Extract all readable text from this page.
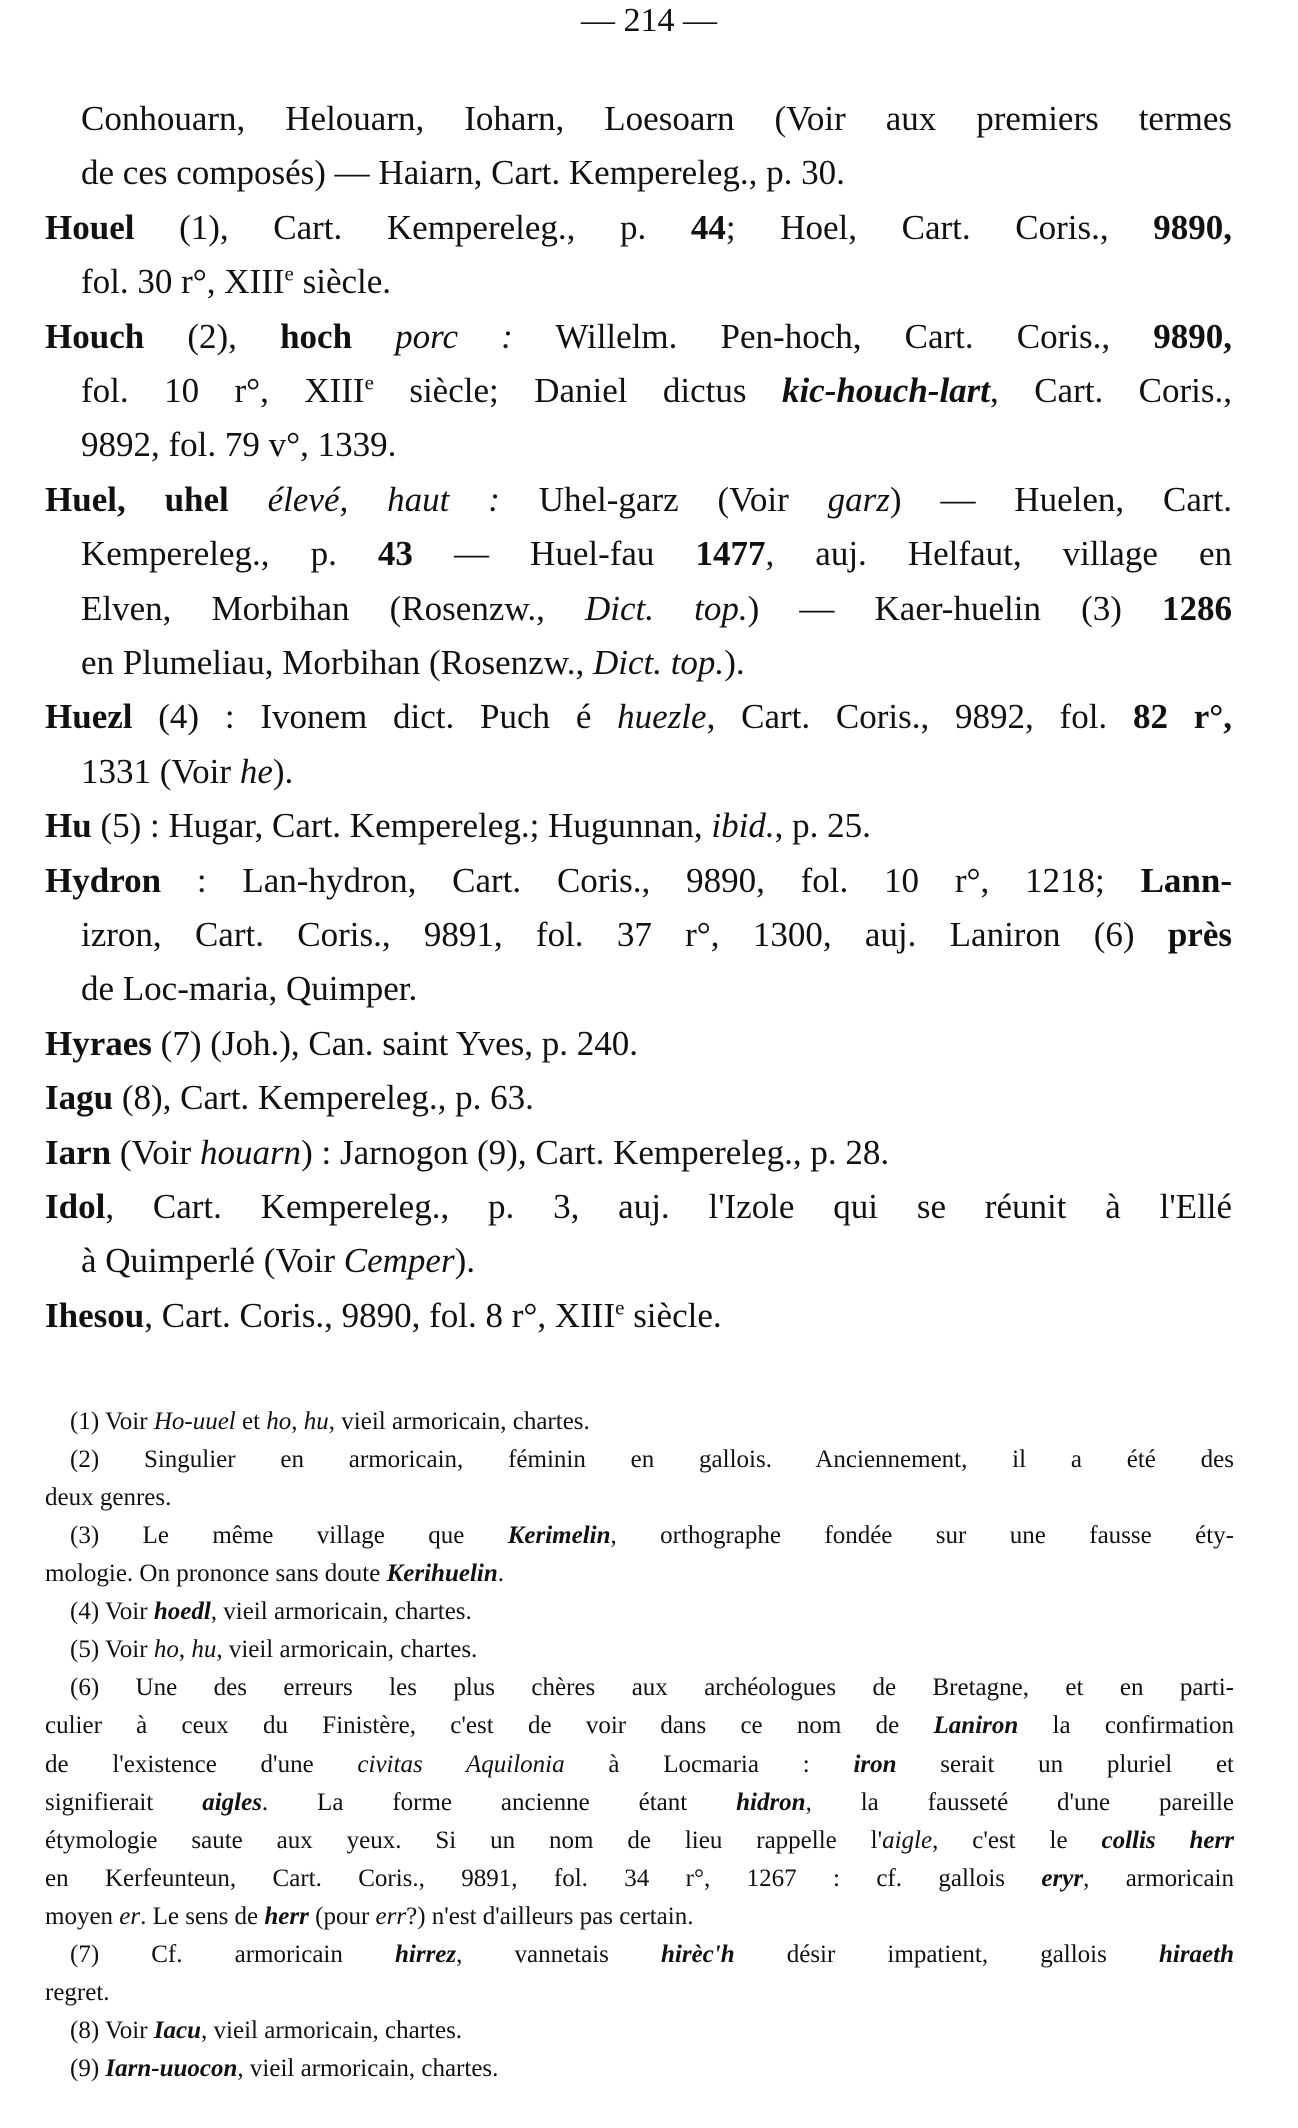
— 214 —
Conhouarn, Helouarn, Ioharn, Loesoarn (Voir aux premiers termes
de ces composés) — Haiarn, Cart. Kempereleg., p. 30.
Houel (1), Cart. Kempereleg., p. 44; Hoel, Cart. Coris., 9890,
fol. 30 r°, XIIIe siècle.
Houch (2), hoch porc : Willelm. Pen-hoch, Cart. Coris., 9890,
fol. 10 r°, XIIIe siècle; Daniel dictus kic-houch-lart, Cart. Coris.,
9892, fol. 79 v°, 1339.
Huel, uhel élevé, haut : Uhel-garz (Voir garz) — Huelen, Cart.
Kempereleg., p. 43 — Huel-fau 1477, auj. Helfaut, village en
Elven, Morbihan (Rosenzw., Dict. top.) — Kaer-huelin (3) 1286
en Plumeliau, Morbihan (Rosenzw., Dict. top.).
Huezl (4) : Ivonem dict. Puch é huezle, Cart. Coris., 9892, fol. 82 r°,
1331 (Voir he).
Hu (5) : Hugar, Cart. Kempereleg.; Hugunnan, ibid., p. 25.
Hydron : Lan-hydron, Cart. Coris., 9890, fol. 10 r°, 1218; Lann-
izron, Cart. Coris., 9891, fol. 37 r°, 1300, auj. Laniron (6) près
de Loc-maria, Quimper.
Hyraes (7) (Joh.), Can. saint Yves, p. 240.
Iagu (8), Cart. Kempereleg., p. 63.
Iarn (Voir houarn) : Jarnogon (9), Cart. Kempereleg., p. 28.
Idol, Cart. Kempereleg., p. 3, auj. l'Izole qui se réunit à l'Ellé
à Quimperlé (Voir Cemper).
Ihesou, Cart. Coris., 9890, fol. 8 r°, XIIIe siècle.
(1) Voir Ho-uuel et ho, hu, vieil armoricain, chartes.
(2) Singulier en armoricain, féminin en gallois. Anciennement, il a été des
deux genres.
(3) Le même village que Kerimelin, orthographe fondée sur une fausse éty-
mologie. On prononce sans doute Kerihuelin.
(4) Voir hoedl, vieil armoricain, chartes.
(5) Voir ho, hu, vieil armoricain, chartes.
(6) Une des erreurs les plus chères aux archéologues de Bretagne, et en parti-
culier à ceux du Finistère, c'est de voir dans ce nom de Laniron la confirmation
de l'existence d'une civitas Aquilonia à Locmaria : iron serait un pluriel et
signifierait aigles. La forme ancienne étant hidron, la fausseté d'une pareille
étymologie saute aux yeux. Si un nom de lieu rappelle l'aigle, c'est le collis herr
en Kerfeunteun, Cart. Coris., 9891, fol. 34 r°, 1267 : cf. gallois eryr, armoricain
moyen er. Le sens de herr (pour err?) n'est d'ailleurs pas certain.
(7) Cf. armoricain hirrez, vannetais hirèc'h désir impatient, gallois hiraeth
regret.
(8) Voir Iacu, vieil armoricain, chartes.
(9) Iarn-uuocon, vieil armoricain, chartes.
